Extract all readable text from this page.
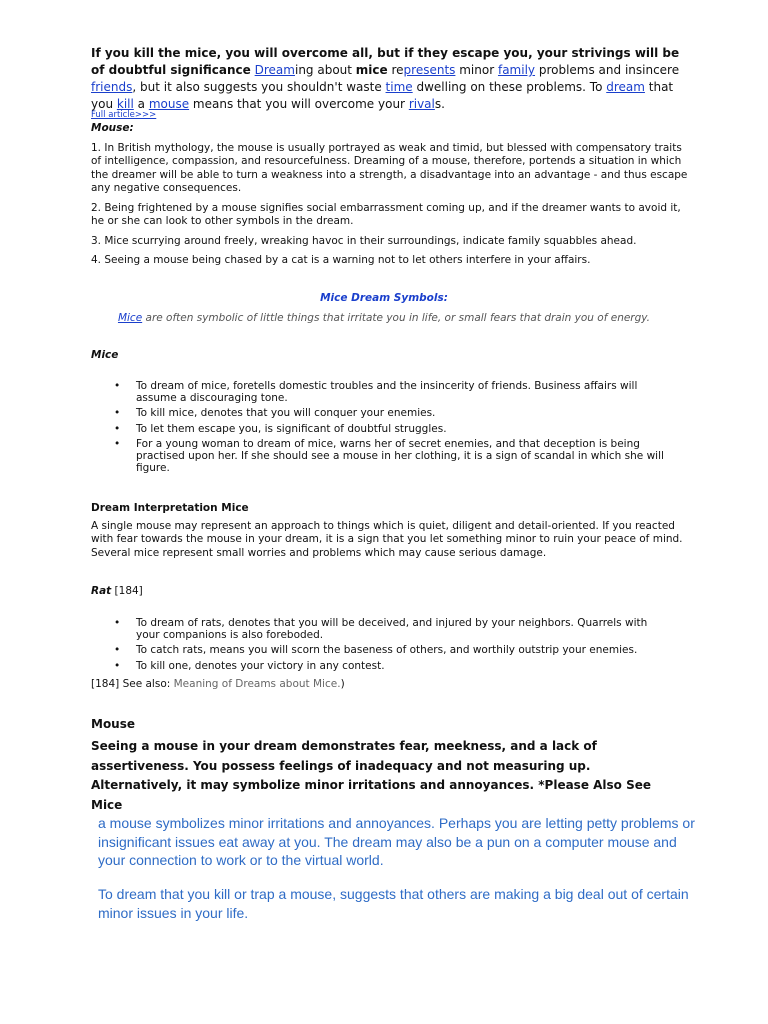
If you kill the mice, you will overcome all, but if they escape you, your strivings will be of doubtful significance Dreaming about mice represents minor family problems and insincere friends, but it also suggests you shouldn't waste time dwelling on these problems. To dream that you kill a mouse means that you will overcome your rivals.
Full article>>>
Mouse:
1. In British mythology, the mouse is usually portrayed as weak and timid, but blessed with compensatory traits of intelligence, compassion, and resourcefulness. Dreaming of a mouse, therefore, portends a situation in which the dreamer will be able to turn a weakness into a strength, a disadvantage into an advantage - and thus escape any negative consequences.
2. Being frightened by a mouse signifies social embarrassment coming up, and if the dreamer wants to avoid it, he or she can look to other symbols in the dream.
3. Mice scurrying around freely, wreaking havoc in their surroundings, indicate family squabbles ahead.
4. Seeing a mouse being chased by a cat is a warning not to let others interfere in your affairs.
Mice Dream Symbols:
Mice are often symbolic of little things that irritate you in life, or small fears that drain you of energy.
Mice
• To dream of mice, foretells domestic troubles and the insincerity of friends. Business affairs will assume a discouraging tone.
• To kill mice, denotes that you will conquer your enemies.
• To let them escape you, is significant of doubtful struggles.
• For a young woman to dream of mice, warns her of secret enemies, and that deception is being practised upon her. If she should see a mouse in her clothing, it is a sign of scandal in which she will figure.
Dream Interpretation Mice
A single mouse may represent an approach to things which is quiet, diligent and detail-oriented. If you reacted with fear towards the mouse in your dream, it is a sign that you let something minor to ruin your peace of mind. Several mice represent small worries and problems which may cause serious damage.
Rat [184]
• To dream of rats, denotes that you will be deceived, and injured by your neighbors. Quarrels with your companions is also foreboded.
• To catch rats, means you will scorn the baseness of others, and worthily outstrip your enemies.
• To kill one, denotes your victory in any contest.
[184] See also: Meaning of Dreams about Mice.)
Mouse
Seeing a mouse in your dream demonstrates fear, meekness, and a lack of assertiveness. You possess feelings of inadequacy and not measuring up. Alternatively, it may symbolize minor irritations and annoyances. *Please Also See Mice
a mouse symbolizes minor irritations and annoyances. Perhaps you are letting petty problems or insignificant issues eat away at you. The dream may also be a pun on a computer mouse and your connection to work or to the virtual world.
To dream that you kill or trap a mouse, suggests that others are making a big deal out of certain minor issues in your life.
